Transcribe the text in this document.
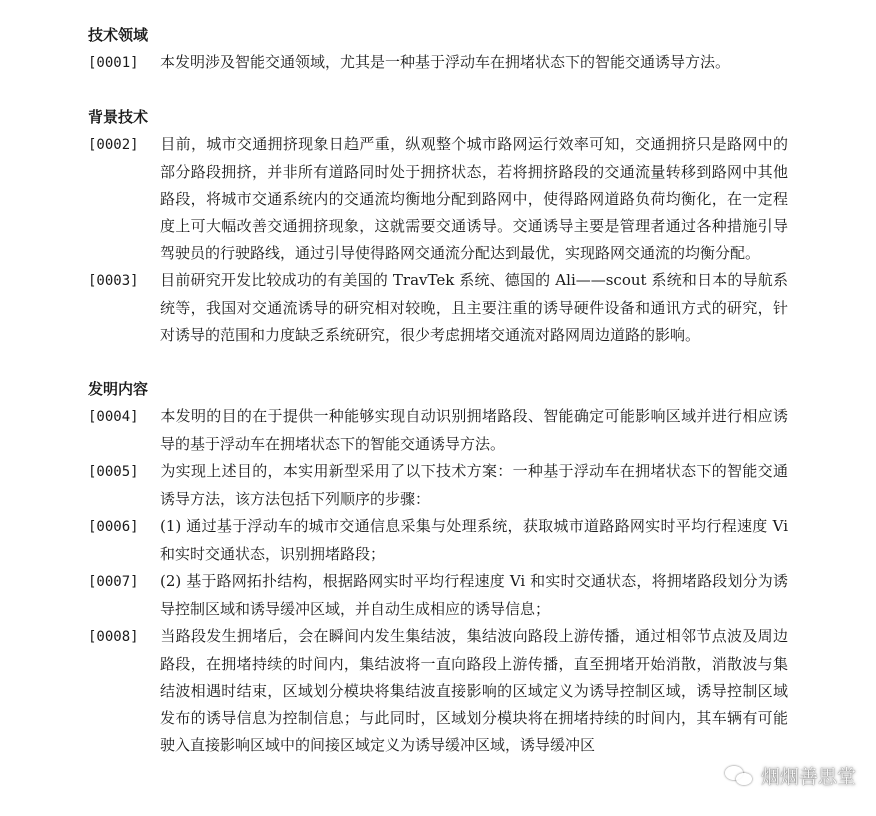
技术领域

[0001] 本发明涉及智能交通领域，尤其是一种基于浮动车在拥堵状态下的智能交通诱导方法。

背景技术

[0002] 目前，城市交通拥挤现象日趋严重，纵观整个城市路网运行效率可知，交通拥挤只是路网中的部分路段拥挤，并非所有道路同时处于拥挤状态，若将拥挤路段的交通流量转移到路网中其他路段，将城市交通系统内的交通流均衡地分配到路网中，使得路网道路负荷均衡化，在一定程度上可大幅改善交通拥挤现象，这就需要交通诱导。交通诱导主要是管理者通过各种措施引导驾驶员的行驶路线，通过引导使得路网交通流分配达到最优，实现路网交通流的均衡分配。

[0003] 目前研究开发比较成功的有美国的 TravTek 系统、德国的 Ali——scout 系统和日本的导航系统等，我国对交通流诱导的研究相对较晚，且主要注重的诱导硬件设备和通讯方式的研究，针对诱导的范围和力度缺乏系统研究，很少考虑拥堵交通流对路网周边道路的影响。

发明内容

[0004] 本发明的目的在于提供一种能够实现自动识别拥堵路段、智能确定可能影响区域并进行相应诱导的基于浮动车在拥堵状态下的智能交通诱导方法。

[0005] 为实现上述目的，本实用新型采用了以下技术方案：一种基于浮动车在拥堵状态下的智能交通诱导方法，该方法包括下列顺序的步骤：

[0006] (1) 通过基于浮动车的城市交通信息采集与处理系统，获取城市道路路网实时平均行程速度 Vi 和实时交通状态，识别拥堵路段；

[0007] (2) 基于路网拓扑结构，根据路网实时平均行程速度 Vi 和实时交通状态，将拥堵路段划分为诱导控制区域和诱导缓冲区域，并自动生成相应的诱导信息；

[0008] 当路段发生拥堵后，会在瞬间内发生集结波，集结波向路段上游传播，通过相邻节点波及周边路段，在拥堵持续的时间内，集结波将一直向路段上游传播，直至拥堵开始消散，消散波与集结波相遇时结束，区域划分模块将集结波直接影响的区域定义为诱导控制区域，诱导控制区域发布的诱导信息为控制信息；与此同时，区域划分模块将在拥堵持续的时间内，其车辆有可能驶入直接影响区域中的间接区域定义为诱导缓冲区域，诱导缓冲区

烟烟善思堂
